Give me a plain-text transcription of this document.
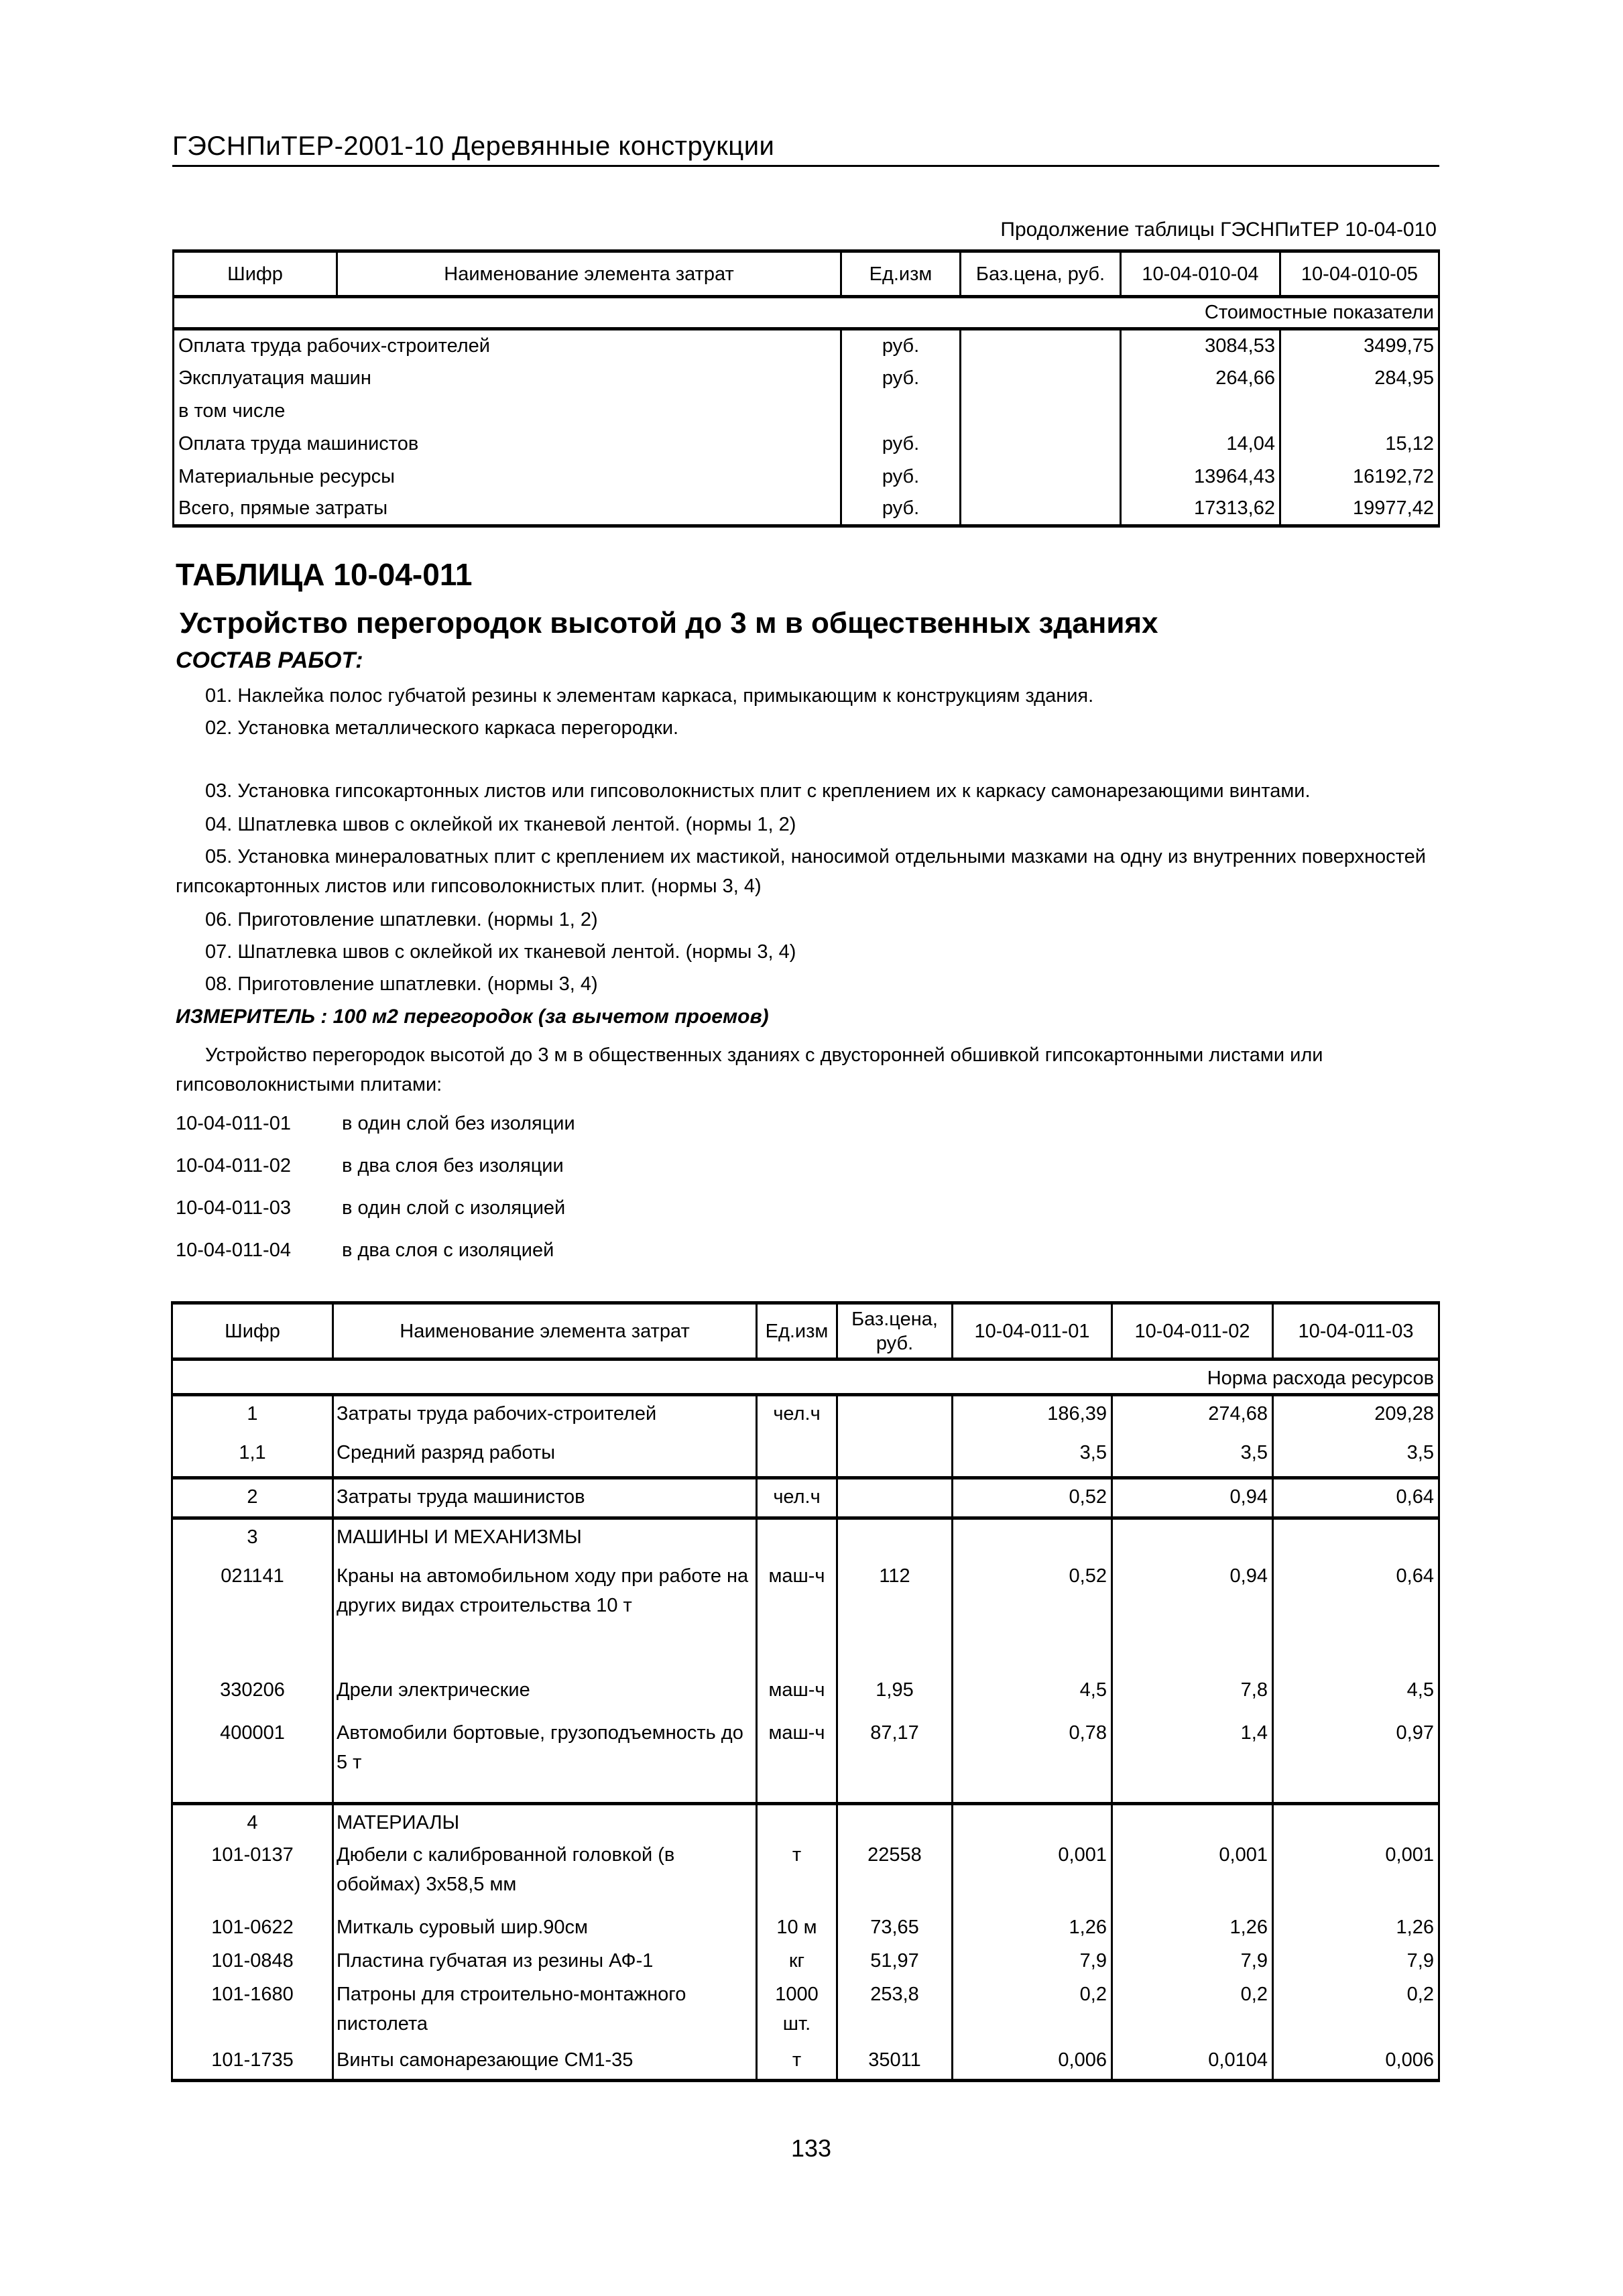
ГЭСНПиТЕР-2001-10 Деревянные конструкции
Продолжение таблицы ГЭСНПиТЕР 10-04-010
Шифр	Наименование элемента затрат	Ед.изм	Баз.цена, руб.	10-04-010-04	10-04-010-05
Стоимостные показатели					
Оплата труда рабочих-строителей		руб.		3084,53	3499,75
Эксплуатация машин		руб.		264,66	284,95
в том числе					
Оплата труда машинистов		руб.		14,04	15,12
Материальные ресурсы		руб.		13964,43	16192,72
Всего, прямые затраты		руб.		17313,62	19977,42
ТАБЛИЦА 10-04-011
Устройство перегородок высотой до 3 м в общественных зданиях
СОСТАВ РАБОТ:
01. Наклейка полос губчатой резины к элементам каркаса, примыкающим к конструкциям здания.
02. Установка металлического каркаса перегородки.
03. Установка гипсокартонных листов или гипсоволокнистых плит с креплением их к каркасу самонарезающими винтами.
04. Шпатлевка швов с оклейкой их тканевой лентой. (нормы 1, 2)
05. Установка минераловатных плит с креплением их мастикой, наносимой отдельными мазками на одну из внутренних поверхностей гипсокартонных листов или гипсоволокнистых плит. (нормы 3, 4)
06. Приготовление шпатлевки. (нормы 1, 2)
07. Шпатлевка швов с оклейкой их тканевой лентой. (нормы 3, 4)
08. Приготовление шпатлевки. (нормы 3, 4)
ИЗМЕРИТЕЛЬ : 100 м2 перегородок (за вычетом проемов)
Устройство перегородок высотой до 3 м в общественных зданиях с двусторонней обшивкой гипсокартонными листами или гипсоволокнистыми плитами:
10-04-011-01	в один слой без изоляции
10-04-011-02	в два слоя без изоляции
10-04-011-03	в один слой с изоляцией
10-04-011-04	в два слоя с изоляцией
Шифр	Наименование элемента затрат	Ед.изм	Баз.цена, руб.	10-04-011-01	10-04-011-02	10-04-011-03
Норма расхода ресурсов						
1	Затраты труда рабочих-строителей	чел.ч		186,39	274,68	209,28
1,1	Средний разряд работы			3,5	3,5	3,5
2	Затраты труда машинистов	чел.ч		0,52	0,94	0,64
3	МАШИНЫ И МЕХАНИЗМЫ					
021141	Краны на автомобильном ходу при работе на других видах строительства 10 т	маш-ч	112	0,52	0,94	0,64
330206	Дрели электрические	маш-ч	1,95	4,5	7,8	4,5
400001	Автомобили бортовые, грузоподъемность до 5 т	маш-ч	87,17	0,78	1,4	0,97
4	МАТЕРИАЛЫ					
101-0137	Дюбели с калиброванной головкой (в обоймах) 3х58,5 мм	т	22558	0,001	0,001	0,001
101-0622	Миткаль суровый шир.90см	10 м	73,65	1,26	1,26	1,26
101-0848	Пластина губчатая из резины АФ-1	кг	51,97	7,9	7,9	7,9
101-1680	Патроны для строительно-монтажного пистолета	1000 шт.	253,8	0,2	0,2	0,2
101-1735	Винты самонарезающие СМ1-35	т	35011	0,006	0,0104	0,006
133
